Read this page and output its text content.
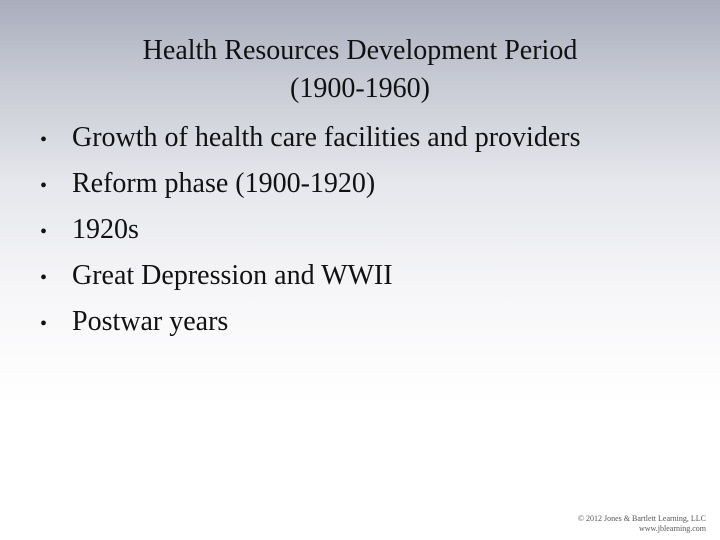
Health Resources Development Period
(1900-1960)
• Growth of health care facilities and providers
• Reform phase (1900-1920)
• 1920s
• Great Depression and WWII
• Postwar years
© 2012 Jones & Bartlett Learning, LLC
www.jblearning.com
